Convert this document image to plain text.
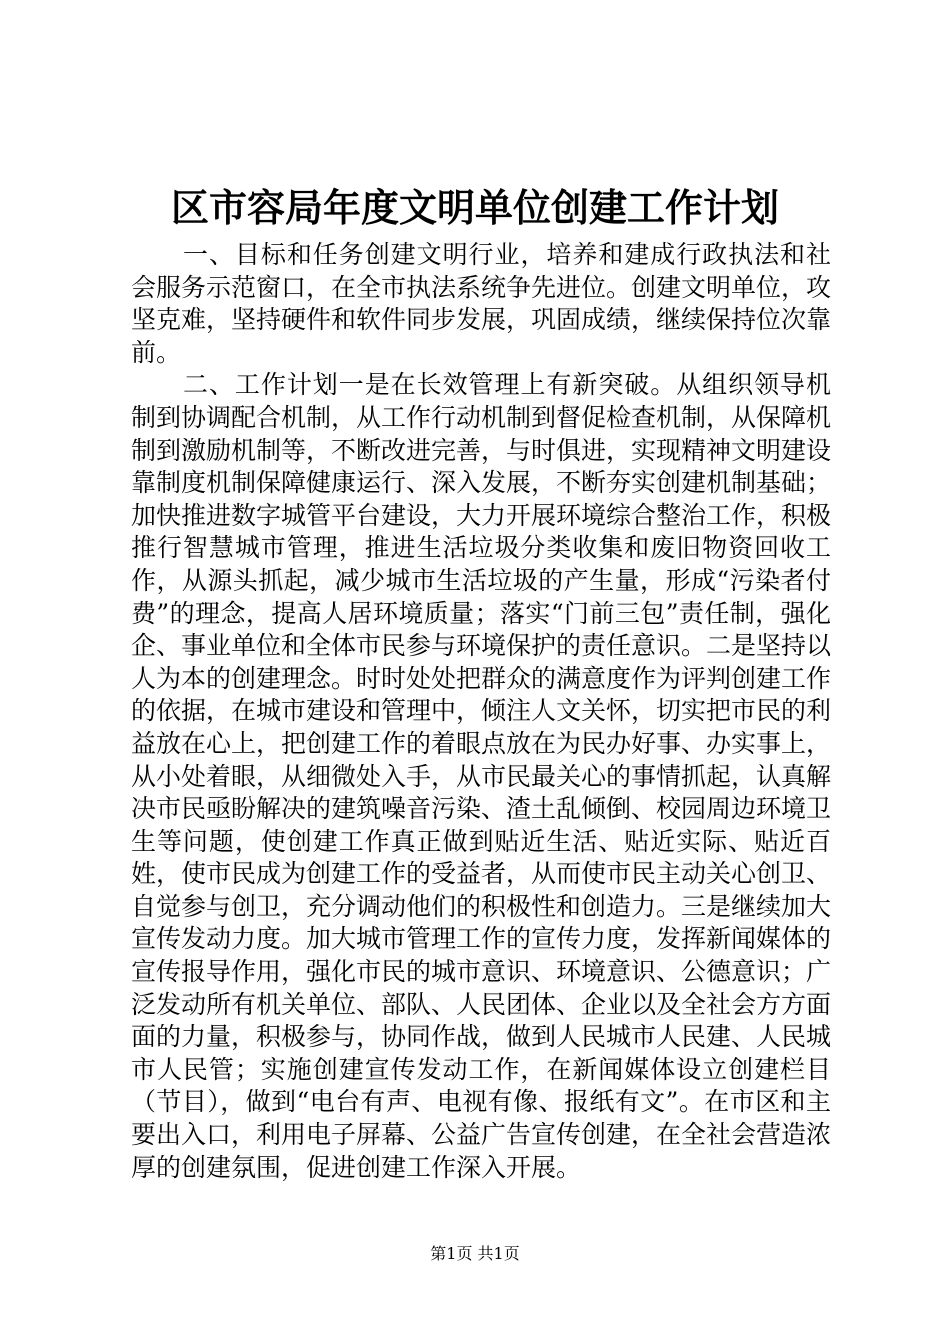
区市容局年度文明单位创建工作计划

一、目标和任务创建文明行业，培养和建成行政执法和社会服务示范窗口，在全市执法系统争先进位。创建文明单位，攻坚克难，坚持硬件和软件同步发展，巩固成绩，继续保持位次靠前。

二、工作计划一是在长效管理上有新突破。从组织领导机制到协调配合机制，从工作行动机制到督促检查机制，从保障机制到激励机制等，不断改进完善，与时俱进，实现精神文明建设靠制度机制保障健康运行、深入发展，不断夯实创建机制基础；加快推进数字城管平台建设，大力开展环境综合整治工作，积极推行智慧城市管理，推进生活垃圾分类收集和废旧物资回收工作，从源头抓起，减少城市生活垃圾的产生量，形成“污染者付费”的理念，提高人居环境质量；落实“门前三包”责任制，强化企、事业单位和全体市民参与环境保护的责任意识。二是坚持以人为本的创建理念。时时处处把群众的满意度作为评判创建工作的依据，在城市建设和管理中，倾注人文关怀，切实把市民的利益放在心上，把创建工作的着眼点放在为民办好事、办实事上，从小处着眼，从细微处入手，从市民最关心的事情抓起，认真解决市民亟盼解决的建筑噪音污染、渣土乱倾倒、校园周边环境卫生等问题，使创建工作真正做到贴近生活、贴近实际、贴近百姓，使市民成为创建工作的受益者，从而使市民主动关心创卫、自觉参与创卫，充分调动他们的积极性和创造力。三是继续加大宣传发动力度。加大城市管理工作的宣传力度，发挥新闻媒体的宣传报导作用，强化市民的城市意识、环境意识、公德意识；广泛发动所有机关单位、部队、人民团体、企业以及全社会方方面面的力量，积极参与，协同作战，做到人民城市人民建、人民城市人民管；实施创建宣传发动工作，在新闻媒体设立创建栏目（节目），做到“电台有声、电视有像、报纸有文”。在市区和主要出入口，利用电子屏幕、公益广告宣传创建，在全社会营造浓厚的创建氛围，促进创建工作深入开展。

第1页 共1页
